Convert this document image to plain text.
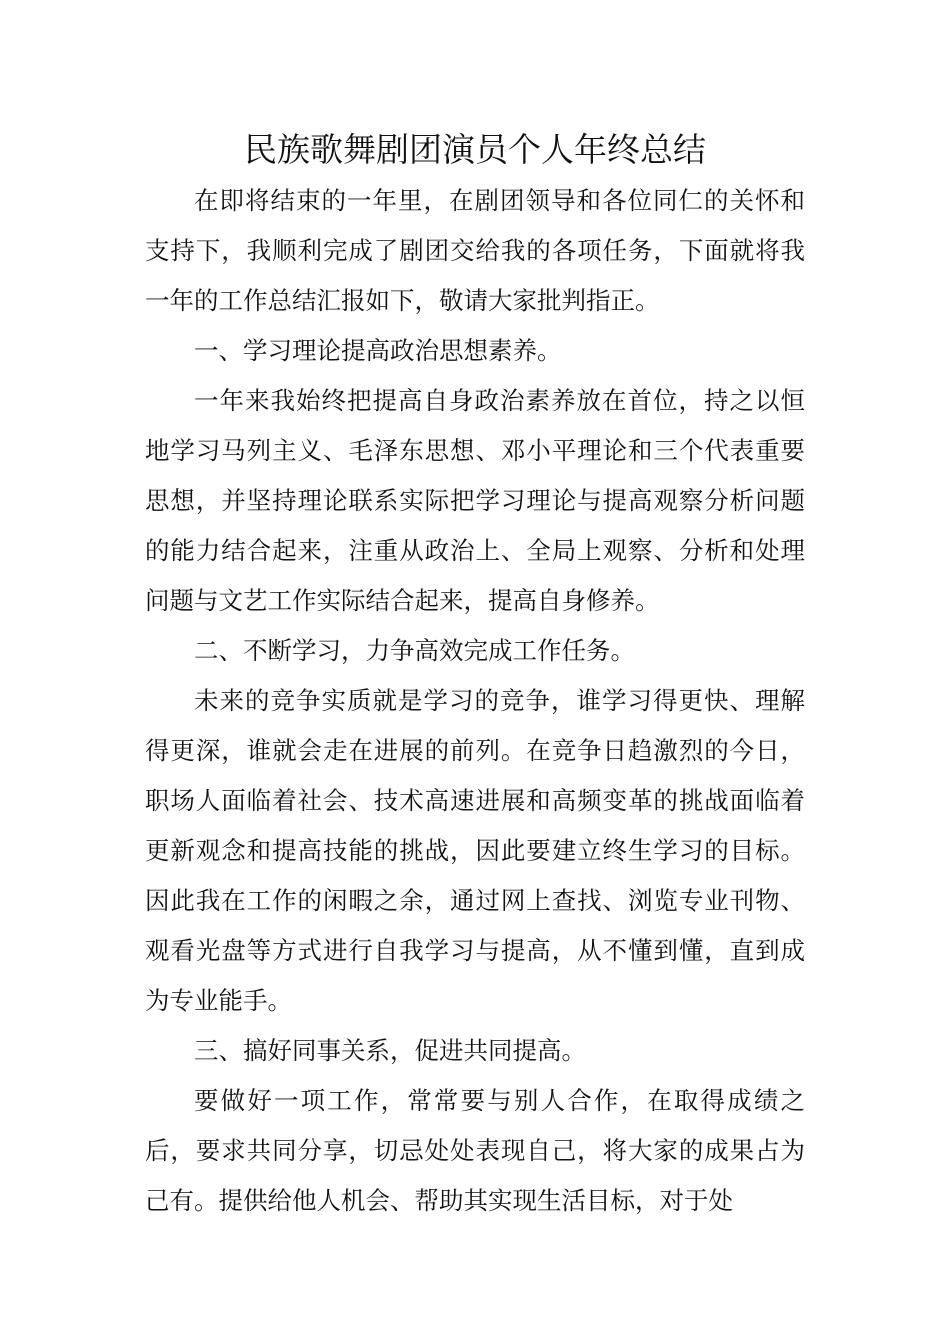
民族歌舞剧团演员个人年终总结

在即将结束的一年里，在剧团领导和各位同仁的关怀和支持下，我顺利完成了剧团交给我的各项任务，下面就将我一年的工作总结汇报如下，敬请大家批判指正。

一、学习理论提高政治思想素养。

一年来我始终把提高自身政治素养放在首位，持之以恒地学习马列主义、毛泽东思想、邓小平理论和三个代表重要思想，并坚持理论联系实际把学习理论与提高观察分析问题的能力结合起来，注重从政治上、全局上观察、分析和处理问题与文艺工作实际结合起来，提高自身修养。

二、不断学习，力争高效完成工作任务。

未来的竞争实质就是学习的竞争，谁学习得更快、理解得更深，谁就会走在进展的前列。在竞争日趋激烈的今日，职场人面临着社会、技术高速进展和高频变革的挑战面临着更新观念和提高技能的挑战，因此要建立终生学习的目标。因此我在工作的闲暇之余，通过网上查找、浏览专业刊物、观看光盘等方式进行自我学习与提高，从不懂到懂，直到成为专业能手。

三、搞好同事关系，促进共同提高。

要做好一项工作，常常要与别人合作，在取得成绩之后，要求共同分享，切忌处处表现自己，将大家的成果占为己有。提供给他人机会、帮助其实现生活目标，对于处
